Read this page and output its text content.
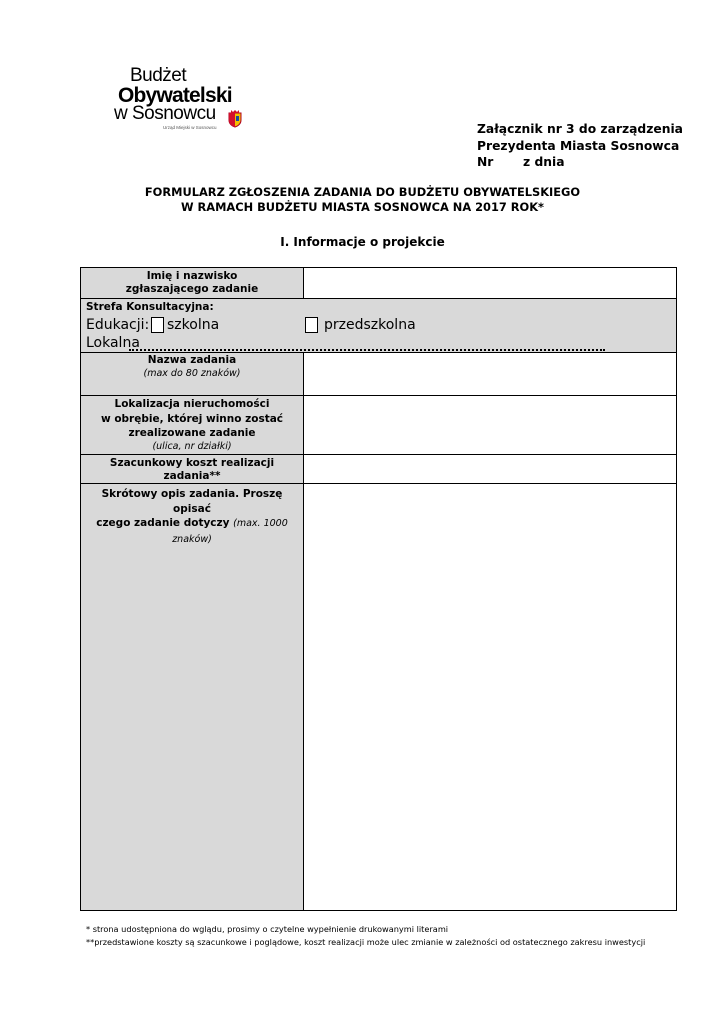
Budżet
Obywatelski
w Sosnowcu
Urząd Miejski w Sosnowcu	Załącznik nr 3 do zarządzenia
Prezydenta Miasta Sosnowca
Nr z dnia
FORMULARZ ZGŁOSZENIA ZADANIA DO BUDŻETU OBYWATELSKIEGO
W RAMACH BUDŻETU MIASTA SOSNOWCA NA 2017 ROK*
I. Informacje o projekcie
Imię i nazwisko
zgłaszającego zadanie
Strefa Konsultacyjna:
Edukacji: szkolna	przedszkolna
Lokalna
Nazwa zadania
(max do 80 znaków)
Lokalizacja nieruchomości
w obrębie, której winno zostać
zrealizowane zadanie
(ulica, nr działki)
Szacunkowy koszt realizacji zadania**
Skrótowy opis zadania. Proszę opisać
czego zadanie dotyczy (max. 1000 znaków)
* strona udostępniona do wglądu, prosimy o czytelne wypełnienie drukowanymi literami
**przedstawione koszty są szacunkowe i poglądowe, koszt realizacji może ulec zmianie w zależności od ostatecznego zakresu inwestycji
